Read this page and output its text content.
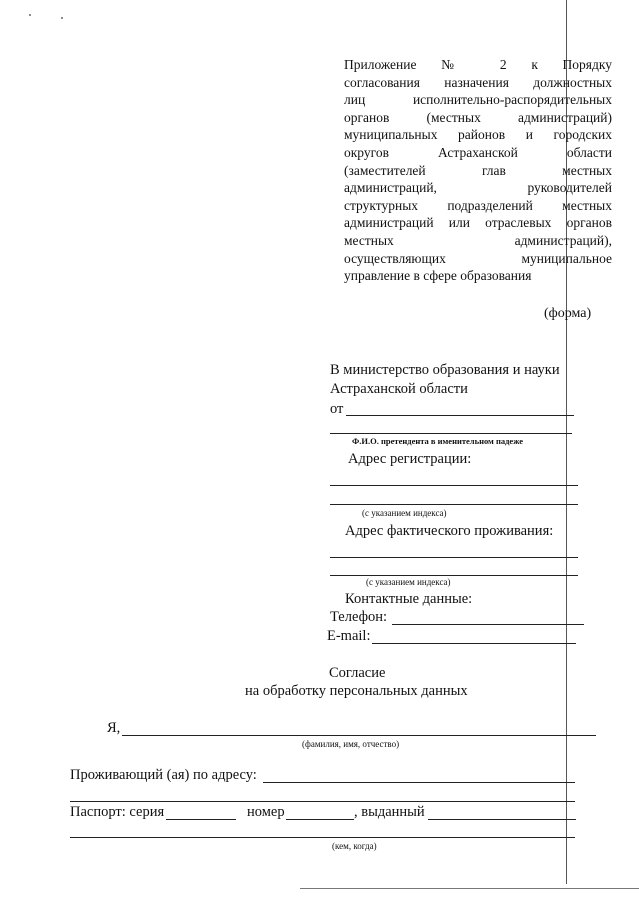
Приложение № 2 к Порядку
согласования назначения должностных
лиц исполнительно-распорядительных
органов (местных администраций)
муниципальных районов и городских
округов Астраханской области
(заместителей глав местных
администраций, руководителей
структурных подразделений местных
администраций или отраслевых органов
местных администраций),
осуществляющих муниципальное
управление в сфере образования
(форма)
В министерство образования и науки
Астраханской области
от
Ф.И.О. претендента в именительном падеже
Адрес регистрации:
(с указанием индекса)
Адрес фактического проживания:
(с указанием индекса)
Контактные данные:
Телефон:
E-mail:
Согласие
на обработку персональных данных
Я,
(фамилия, имя, отчество)
Проживающий (ая) по адресу:
Паспорт: серия	номер	, выданный
(кем, когда)
